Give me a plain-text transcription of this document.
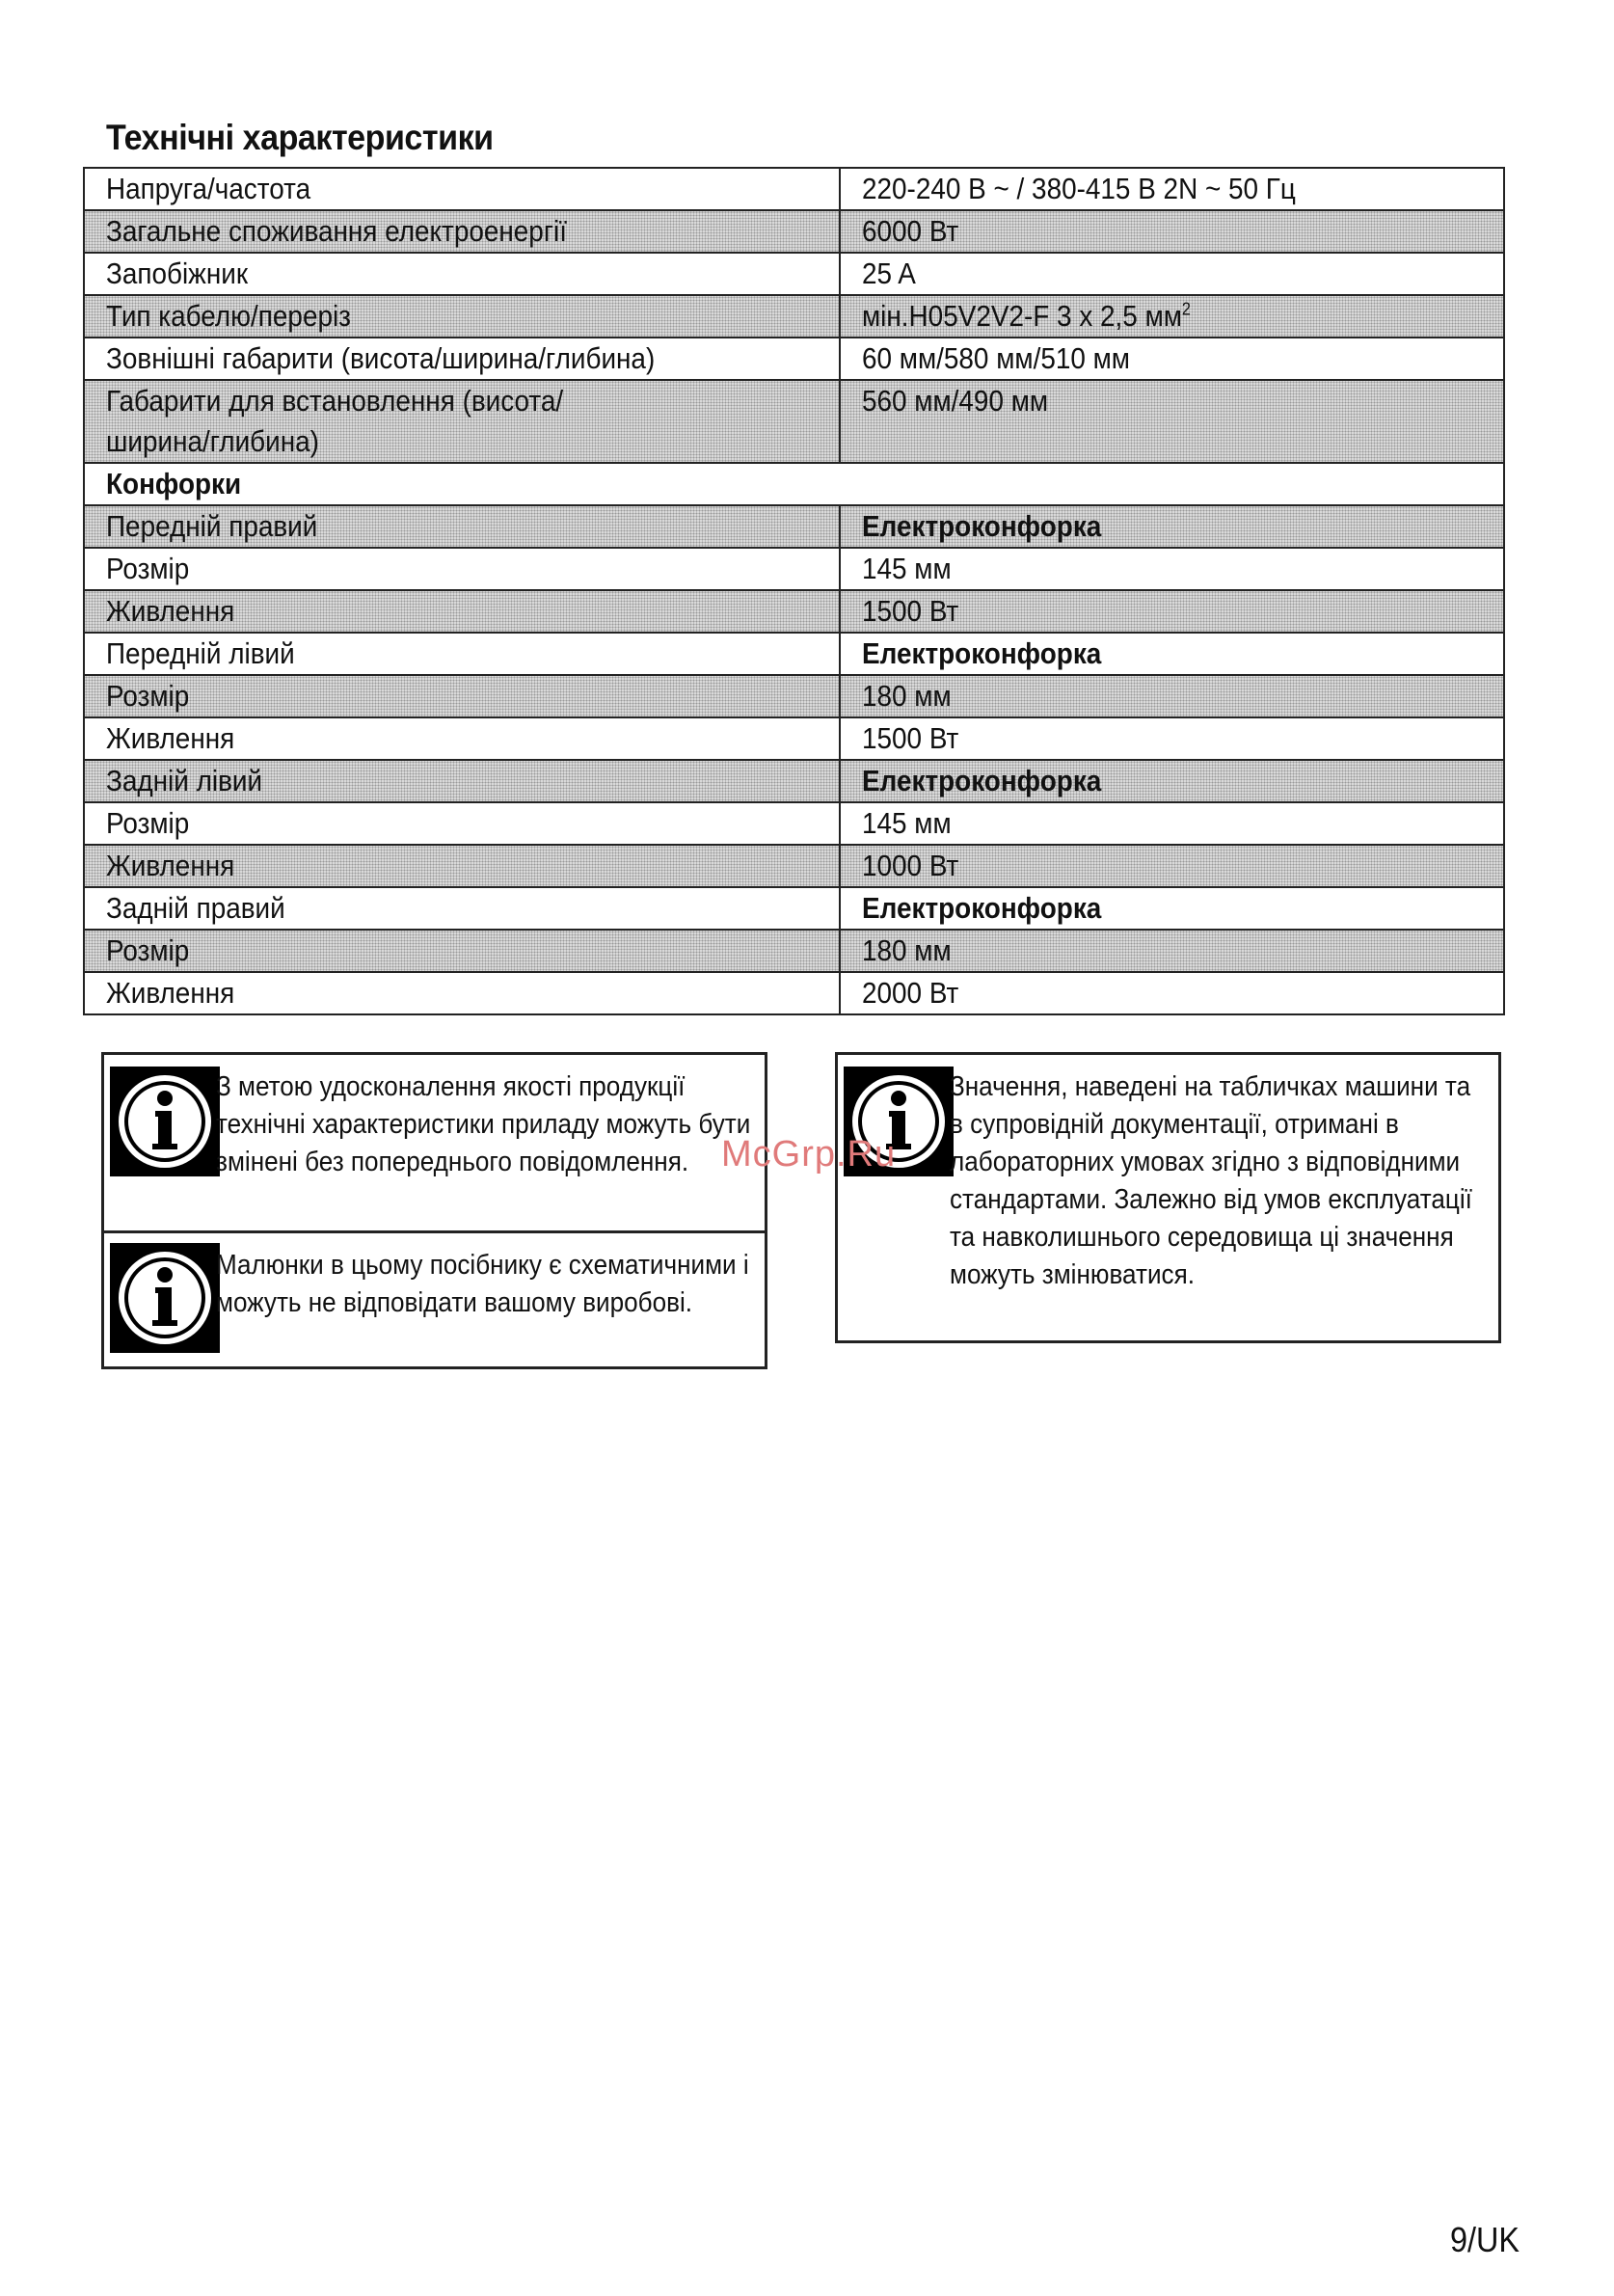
Технічні характеристики
Напруга/частота	220-240 В ~ / 380-415 В 2N ~ 50 Гц
Загальне споживання електроенергії	6000 Вт
Запобіжник	25 A
Тип кабелю/переріз	мін.H05V2V2-F 3 x 2,5 $мм^2$
Зовнішні габарити (висота/ширина/глибина)	60 мм/580 мм/510 мм
Габарити для встановлення (висота/ширина/глибина)	560 мм/490 мм
Конфорки	
Передній правий	Електроконфорка
Розмір	145 мм
Живлення	1500 Вт
Передній лівий	Електроконфорка
Розмір	180 мм
Живлення	1500 Вт
Задній лівий	Електроконфорка
Розмір	145 мм
Живлення	1000 Вт
Задній правий	Електроконфорка
Розмір	180 мм
Живлення	2000 Вт
З метою удосконалення якості продукції технічні характеристики приладу можуть бути змінені без попереднього повідомлення.
Малюнки в цьому посібнику є схематичними і можуть не відповідати вашому виробові.
Значення, наведені на табличках машини та в супровідній документації, отримані в лабораторних умовах згідно з відповідними стандартами. Залежно від умов експлуатації та навколишнього середовища ці значення можуть змінюватися.
McGrp.Ru
9/UK
